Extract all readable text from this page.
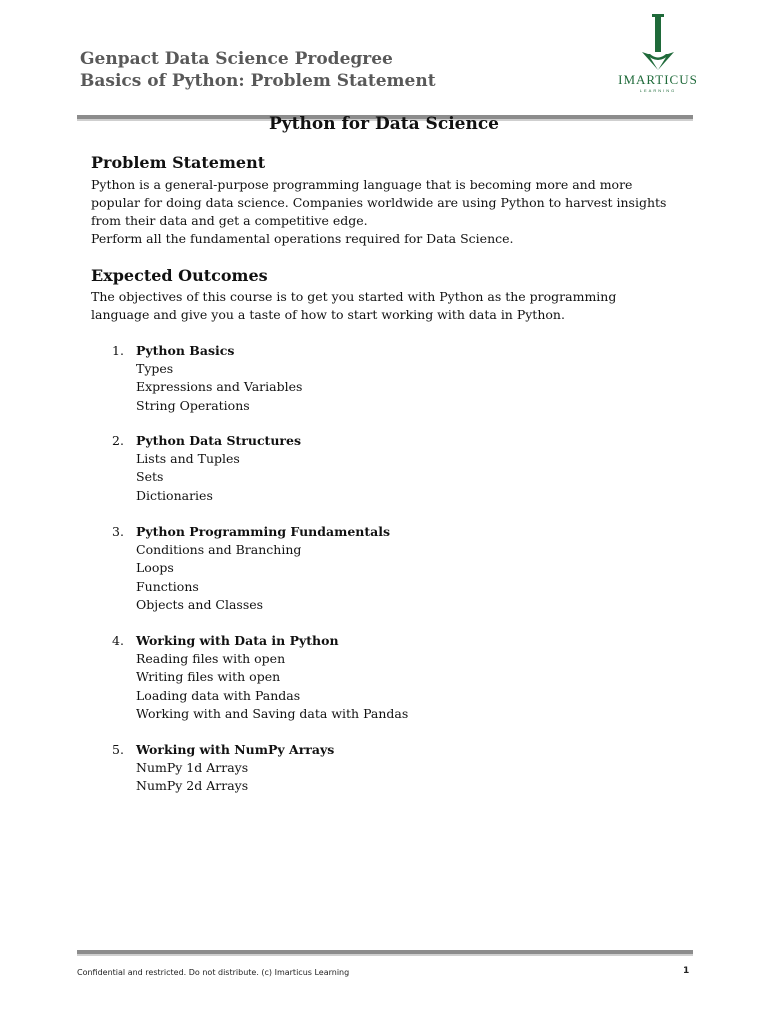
Genpact Data Science Prodegree
Basics of Python: Problem Statement	IMARTICUS
LEARNING
Python for Data Science
Problem Statement
Python is a general-purpose programming language that is becoming more and more
popular for doing data science. Companies worldwide are using Python to harvest insights
from their data and get a competitive edge.
Perform all the fundamental operations required for Data Science.
Expected Outcomes
The objectives of this course is to get you started with Python as the programming
language and give you a taste of how to start working with data in Python.
1. Python Basics
Types
Expressions and Variables
String Operations
2. Python Data Structures
Lists and Tuples
Sets
Dictionaries
3. Python Programming Fundamentals
Conditions and Branching
Loops
Functions
Objects and Classes
4. Working with Data in Python
Reading files with open
Writing files with open
Loading data with Pandas
Working with and Saving data with Pandas
5. Working with NumPy Arrays
NumPy 1d Arrays
NumPy 2d Arrays
Confidential and restricted. Do not distribute. (c) Imarticus Learning	1
